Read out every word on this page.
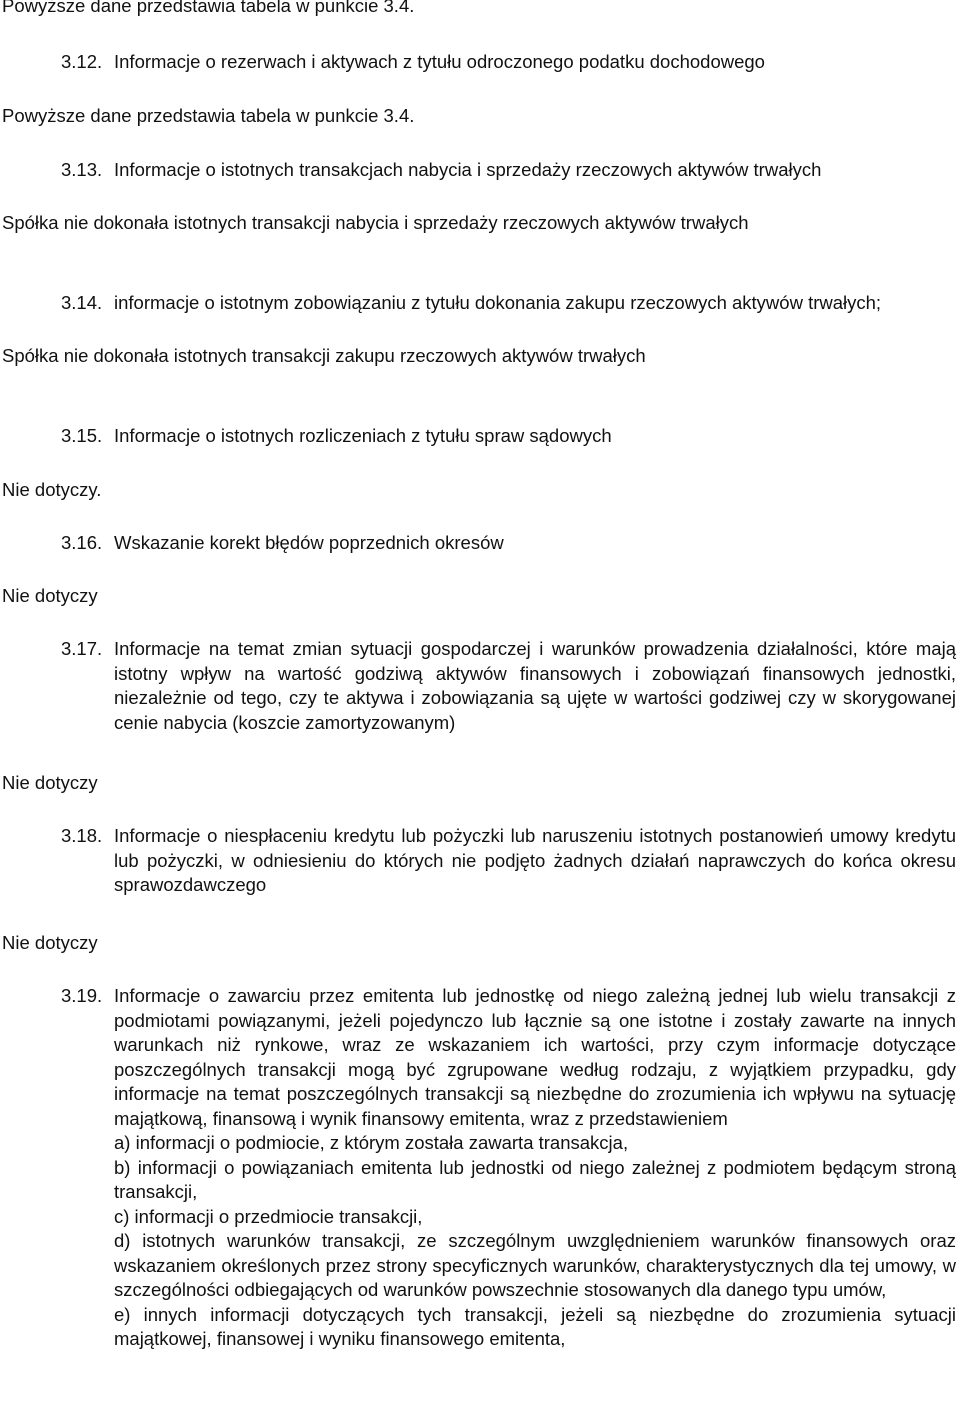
Powyższe dane przedstawia tabela w punkcie 3.4.
3.12. Informacje o rezerwach i aktywach z tytułu odroczonego podatku dochodowego
Powyższe dane przedstawia tabela w punkcie 3.4.
3.13. Informacje o istotnych transakcjach nabycia i sprzedaży rzeczowych aktywów trwałych
Spółka nie dokonała istotnych transakcji nabycia i sprzedaży rzeczowych aktywów trwałych
3.14. informacje o istotnym zobowiązaniu z tytułu dokonania zakupu rzeczowych aktywów trwałych;
Spółka nie dokonała istotnych transakcji zakupu rzeczowych aktywów trwałych
3.15. Informacje o istotnych rozliczeniach z tytułu spraw sądowych
Nie dotyczy.
3.16. Wskazanie korekt błędów poprzednich okresów
Nie dotyczy
3.17. Informacje na temat zmian sytuacji gospodarczej i warunków prowadzenia działalności, które mają istotny wpływ na wartość godziwą aktywów finansowych i zobowiązań finansowych jednostki, niezależnie od tego, czy te aktywa i zobowiązania są ujęte w wartości godziwej czy w skorygowanej cenie nabycia (koszcie zamortyzowanym)
Nie dotyczy
3.18. Informacje o niespłaceniu kredytu lub pożyczki lub naruszeniu istotnych postanowień umowy kredytu lub pożyczki, w odniesieniu do których nie podjęto żadnych działań naprawczych do końca okresu sprawozdawczego
Nie dotyczy
3.19. Informacje o zawarciu przez emitenta lub jednostkę od niego zależną jednej lub wielu transakcji z podmiotami powiązanymi, jeżeli pojedynczo lub łącznie są one istotne i zostały zawarte na innych warunkach niż rynkowe, wraz ze wskazaniem ich wartości, przy czym informacje dotyczące poszczególnych transakcji mogą być zgrupowane według rodzaju, z wyjątkiem przypadku, gdy informacje na temat poszczególnych transakcji są niezbędne do zrozumienia ich wpływu na sytuację majątkową, finansową i wynik finansowy emitenta, wraz z przedstawieniem
a) informacji o podmiocie, z którym została zawarta transakcja,
b) informacji o powiązaniach emitenta lub jednostki od niego zależnej z podmiotem będącym stroną transakcji,
c) informacji o przedmiocie transakcji,
d) istotnych warunków transakcji, ze szczególnym uwzględnieniem warunków finansowych oraz wskazaniem określonych przez strony specyficznych warunków, charakterystycznych dla tej umowy, w szczególności odbiegających od warunków powszechnie stosowanych dla danego typu umów,
e) innych informacji dotyczących tych transakcji, jeżeli są niezbędne do zrozumienia sytuacji majątkowej, finansowej i wyniku finansowego emitenta,
